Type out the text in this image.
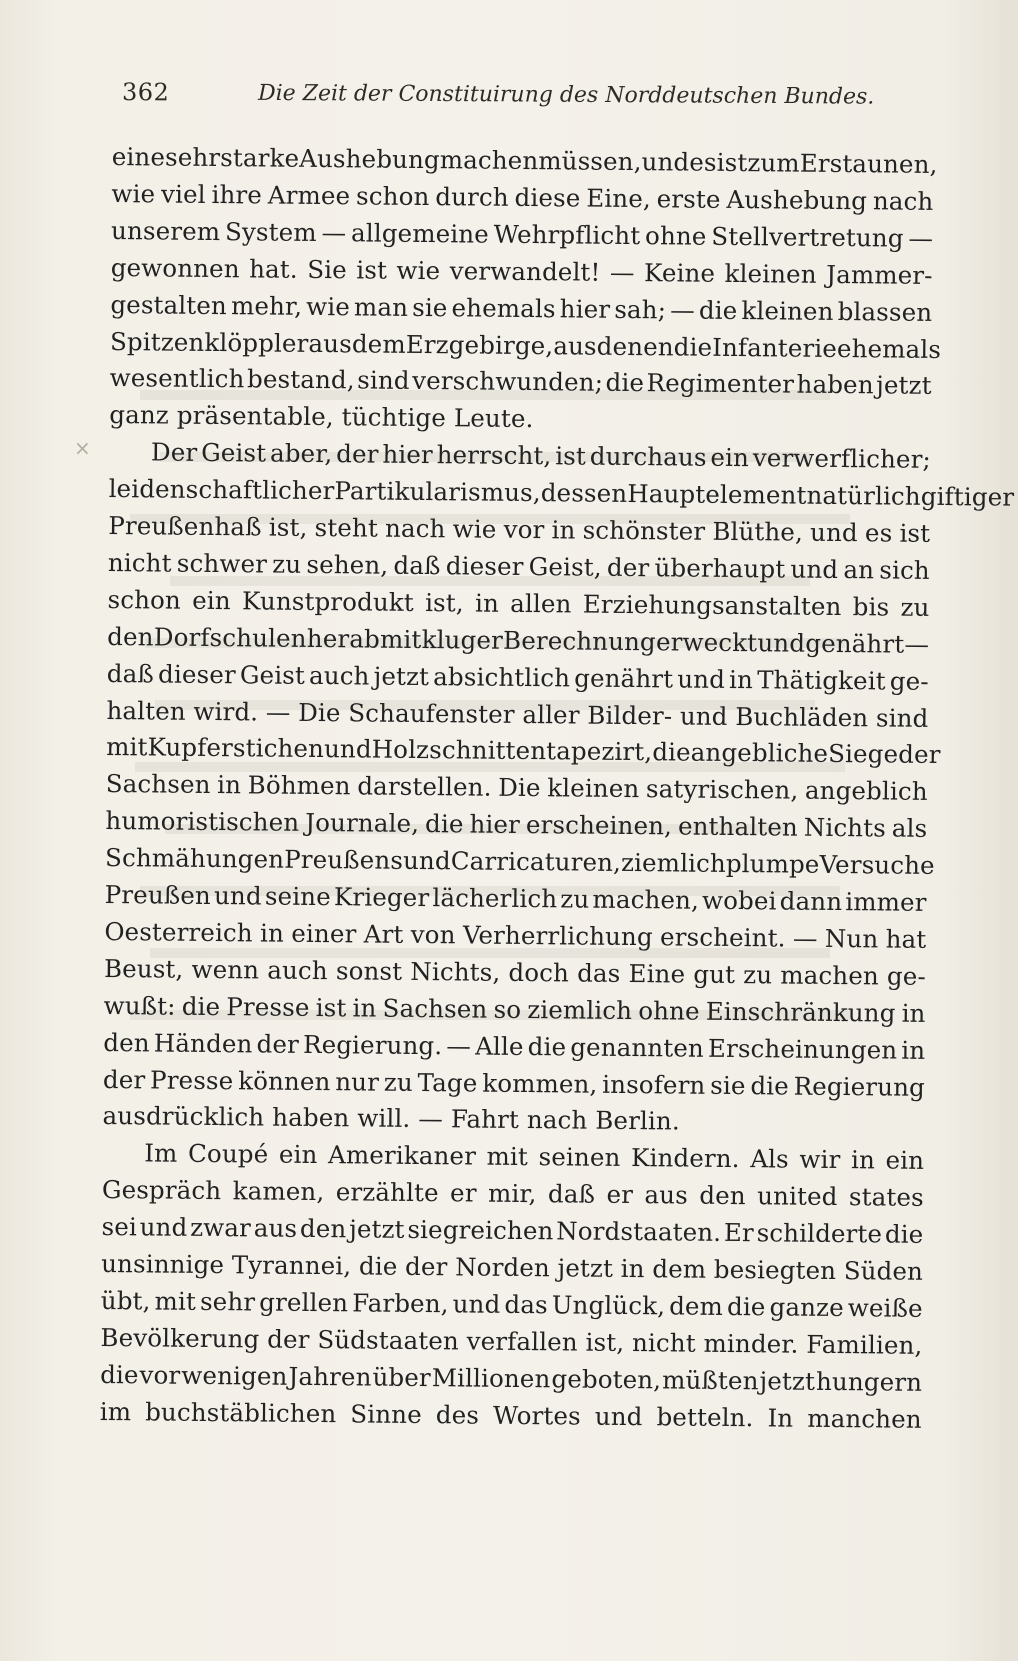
362	Die Zeit der Constituirung des Norddeutschen Bundes.
×
eine sehr starke Aushebung machen müssen, und es ist zum Erstaunen,
wie viel ihre Armee schon durch diese Eine, erste Aushebung nach
unserem System — allgemeine Wehrpflicht ohne Stellvertretung —
gewonnen hat. Sie ist wie verwandelt! — Keine kleinen Jammer-
gestalten mehr, wie man sie ehemals hier sah; — die kleinen blassen
Spitzenklöppler aus dem Erzgebirge, aus denen die Infanterie ehemals
wesentlich bestand, sind verschwunden; die Regimenter haben jetzt
ganz präsentable, tüchtige Leute.
Der Geist aber, der hier herrscht, ist durchaus ein verwerflicher;
leidenschaftlicher Partikularismus, dessen Hauptelement natürlich giftiger
Preußenhaß ist, steht nach wie vor in schönster Blüthe, und es ist
nicht schwer zu sehen, daß dieser Geist, der überhaupt und an sich
schon ein Kunstprodukt ist, in allen Erziehungsanstalten bis zu
den Dorfschulen herab mit kluger Berechnung erweckt und genährt —
daß dieser Geist auch jetzt absichtlich genährt und in Thätigkeit ge-
halten wird. — Die Schaufenster aller Bilder- und Buchläden sind
mit Kupferstichen und Holzschnitten tapezirt, die angebliche Siege der
Sachsen in Böhmen darstellen. Die kleinen satyrischen, angeblich
humoristischen Journale, die hier erscheinen, enthalten Nichts als
Schmähungen Preußens und Carricaturen, ziemlich plumpe Versuche
Preußen und seine Krieger lächerlich zu machen, wobei dann immer
Oesterreich in einer Art von Verherrlichung erscheint. — Nun hat
Beust, wenn auch sonst Nichts, doch das Eine gut zu machen ge-
wußt: die Presse ist in Sachsen so ziemlich ohne Einschränkung in
den Händen der Regierung. — Alle die genannten Erscheinungen in
der Presse können nur zu Tage kommen, insofern sie die Regierung
ausdrücklich haben will. — Fahrt nach Berlin.
Im Coupé ein Amerikaner mit seinen Kindern. Als wir in ein
Gespräch kamen, erzählte er mir, daß er aus den united states
sei und zwar aus den jetzt siegreichen Nordstaaten. Er schilderte die
unsinnige Tyrannei, die der Norden jetzt in dem besiegten Süden
übt, mit sehr grellen Farben, und das Unglück, dem die ganze weiße
Bevölkerung der Südstaaten verfallen ist, nicht minder. Familien,
die vor wenigen Jahren über Millionen geboten, müßten jetzt hungern
im buchstäblichen Sinne des Wortes und betteln. In manchen
